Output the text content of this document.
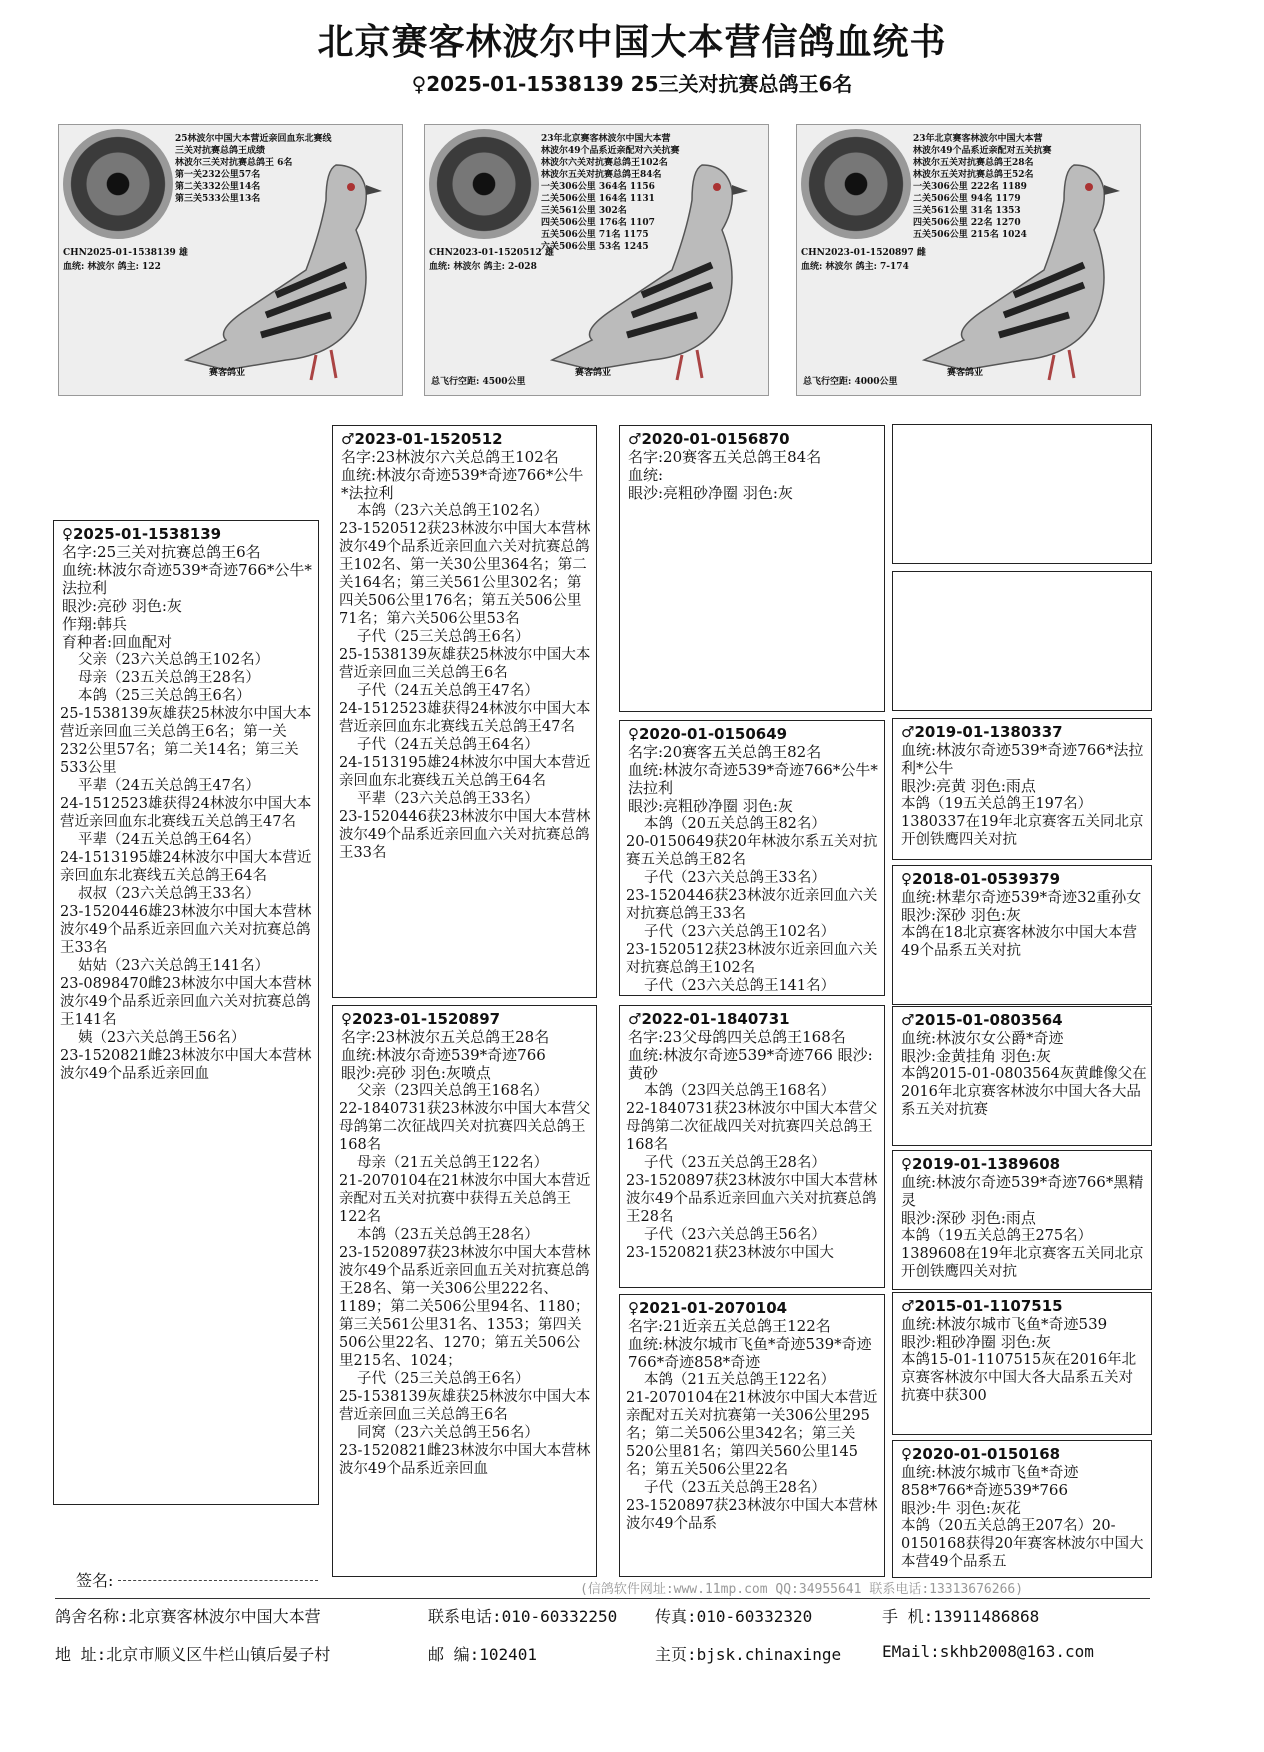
北京赛客林波尔中国大本营信鸽血统书
♀2025-01-1538139 25三关对抗赛总鸽王6名
25林波尔中国大本营近亲回血东北赛线
三关对抗赛总鸽王成绩
林波尔三关对抗赛总鸽王 6名
第一关232公里57名
第二关332公里14名
第三关533公里13名
CHN2025-01-1538139 雄
血统: 林波尔 鸽主: 122
赛客鸽业
23年北京赛客林波尔中国大本营
林波尔49个品系近亲配对六关抗赛
林波尔六关对抗赛总鸽王102名
林波尔五关对抗赛总鸽王84名
一关306公里 364名 1156
二关506公里 164名 1131
三关561公里 302名
四关506公里 176名 1107
五关506公里 71名 1175
六关506公里 53名 1245
CHN2023-01-1520512 雄
血统: 林波尔 鸽主: 2-028
总飞行空距: 4500公里
赛客鸽业
23年北京赛客林波尔中国大本营
林波尔49个品系近亲配对五关抗赛
林波尔五关对抗赛总鸽王28名
林波尔五关对抗赛总鸽王52名
一关306公里 222名 1189
二关506公里 94名 1179
三关561公里 31名 1353
四关506公里 22名 1270
五关506公里 215名 1024
CHN2023-01-1520897 雌
血统: 林波尔 鸽主: 7-174
总飞行空距: 4000公里
赛客鸽业
♀2025-01-1538139
名字:25三关对抗赛总鸽王6名
血统:林波尔奇迹539*奇迹766*公牛*法拉利
眼沙:亮砂 羽色:灰
作翔:韩兵
育种者:回血配对
父亲（23六关总鸽王102名）
母亲（23五关总鸽王28名）
本鸽（25三关总鸽王6名）
25-1538139灰雄获25林波尔中国大本营近亲回血三关总鸽王6名；第一关232公里57名；第二关14名；第三关533公里
平辈（24五关总鸽王47名）
24-1512523雄获得24林波尔中国大本营近亲回血东北赛线五关总鸽王47名
平辈（24五关总鸽王64名）
24-1513195雄24林波尔中国大本营近亲回血东北赛线五关总鸽王64名
叔叔（23六关总鸽王33名）
23-1520446雄23林波尔中国大本营林波尔49个品系近亲回血六关对抗赛总鸽王33名
姑姑（23六关总鸽王141名）
23-0898470雌23林波尔中国大本营林波尔49个品系近亲回血六关对抗赛总鸽王141名
姨（23六关总鸽王56名）
23-1520821雌23林波尔中国大本营林波尔49个品系近亲回血
♂2023-01-1520512
名字:23林波尔六关总鸽王102名
血统:林波尔奇迹539*奇迹766*公牛*法拉利
本鸽（23六关总鸽王102名）
23-1520512获23林波尔中国大本营林波尔49个品系近亲回血六关对抗赛总鸽王102名、第一关30公里364名；第二关164名；第三关561公里302名；第四关506公里176名；第五关506公里71名；第六关506公里53名
子代（25三关总鸽王6名）
25-1538139灰雄获25林波尔中国大本营近亲回血三关总鸽王6名
子代（24五关总鸽王47名）
24-1512523雄获得24林波尔中国大本营近亲回血东北赛线五关总鸽王47名
子代（24五关总鸽王64名）
24-1513195雄24林波尔中国大本营近亲回血东北赛线五关总鸽王64名
平辈（23六关总鸽王33名）
23-1520446获23林波尔中国大本营林波尔49个品系近亲回血六关对抗赛总鸽王33名
♀2023-01-1520897
名字:23林波尔五关总鸽王28名
血统:林波尔奇迹539*奇迹766
眼沙:亮砂 羽色:灰喷点
父亲（23四关总鸽王168名）
22-1840731获23林波尔中国大本营父母鸽第二次征战四关对抗赛四关总鸽王168名
母亲（21五关总鸽王122名）
21-2070104在21林波尔中国大本营近亲配对五关对抗赛中获得五关总鸽王122名
本鸽（23五关总鸽王28名）
23-1520897获23林波尔中国大本营林波尔49个品系近亲回血五关对抗赛总鸽王28名、第一关306公里222名、1189；第二关506公里94名、1180；第三关561公里31名、1353；第四关506公里22名、1270；第五关506公里215名、1024；
子代（25三关总鸽王6名）
25-1538139灰雄获25林波尔中国大本营近亲回血三关总鸽王6名
同窝（23六关总鸽王56名）
23-1520821雌23林波尔中国大本营林波尔49个品系近亲回血
♂2020-01-0156870
名字:20赛客五关总鸽王84名
血统:
眼沙:亮粗砂净圈 羽色:灰
♀2020-01-0150649
名字:20赛客五关总鸽王82名
血统:林波尔奇迹539*奇迹766*公牛*法拉利
眼沙:亮粗砂净圈 羽色:灰
本鸽（20五关总鸽王82名）
20-0150649获20年林波尔系五关对抗赛五关总鸽王82名
子代（23六关总鸽王33名）
23-1520446获23林波尔近亲回血六关对抗赛总鸽王33名
子代（23六关总鸽王102名）
23-1520512获23林波尔近亲回血六关对抗赛总鸽王102名
子代（23六关总鸽王141名）
♂2022-01-1840731
名字:23父母鸽四关总鸽王168名
血统:林波尔奇迹539*奇迹766 眼沙:黄砂
本鸽（23四关总鸽王168名）
22-1840731获23林波尔中国大本营父母鸽第二次征战四关对抗赛四关总鸽王168名
子代（23五关总鸽王28名）
23-1520897获23林波尔中国大本营林波尔49个品系近亲回血六关对抗赛总鸽王28名
子代（23六关总鸽王56名）
23-1520821获23林波尔中国大
♀2021-01-2070104
名字:21近亲五关总鸽王122名
血统:林波尔城市飞鱼*奇迹539*奇迹766*奇迹858*奇迹
本鸽（21五关总鸽王122名）
21-2070104在21林波尔中国大本营近亲配对五关对抗赛第一关306公里295名；第二关506公里342名；第三关520公里81名；第四关560公里145名；第五关506公里22名
子代（23五关总鸽王28名）
23-1520897获23林波尔中国大本营林波尔49个品系
♂2019-01-1380337
血统:林波尔奇迹539*奇迹766*法拉利*公牛
眼沙:亮黄 羽色:雨点
本鸽（19五关总鸽王197名）1380337在19年北京赛客五关同北京开创铁鹰四关对抗
♀2018-01-0539379
血统:林辈尔奇迹539*奇迹32重孙女
眼沙:深砂 羽色:灰
本鸽在18北京赛客林波尔中国大本营49个品系五关对抗
♂2015-01-0803564
血统:林波尔女公爵*奇迹
眼沙:金黄挂角 羽色:灰
本鸽2015-01-0803564灰黄雌像父在2016年北京赛客林波尔中国大各大品系五关对抗赛
♀2019-01-1389608
血统:林波尔奇迹539*奇迹766*黑精灵
眼沙:深砂 羽色:雨点
本鸽（19五关总鸽王275名）1389608在19年北京赛客五关同北京开创铁鹰四关对抗
♂2015-01-1107515
血统:林波尔城市飞鱼*奇迹539
眼沙:粗砂净圈 羽色:灰
本鸽15-01-1107515灰在2016年北京赛客林波尔中国大各大品系五关对抗赛中获300
♀2020-01-0150168
血统:林波尔城市飞鱼*奇迹858*766*奇迹539*766
眼沙:牛 羽色:灰花
本鸽（20五关总鸽王207名）20-0150168获得20年赛客林波尔中国大本营49个品系五
签名:	(信鸽软件网址:www.11mp.com QQ:34955641 联系电话:13313676266)
鸽舍名称:北京赛客林波尔中国大本营	联系电话:010-60332250 传真:010-60332320	手 机:13911486868
地 址:北京市顺义区牛栏山镇后晏子村	邮 编:102401	主页:bjsk.chinaxinge	EMail:skhb2008@163.com
